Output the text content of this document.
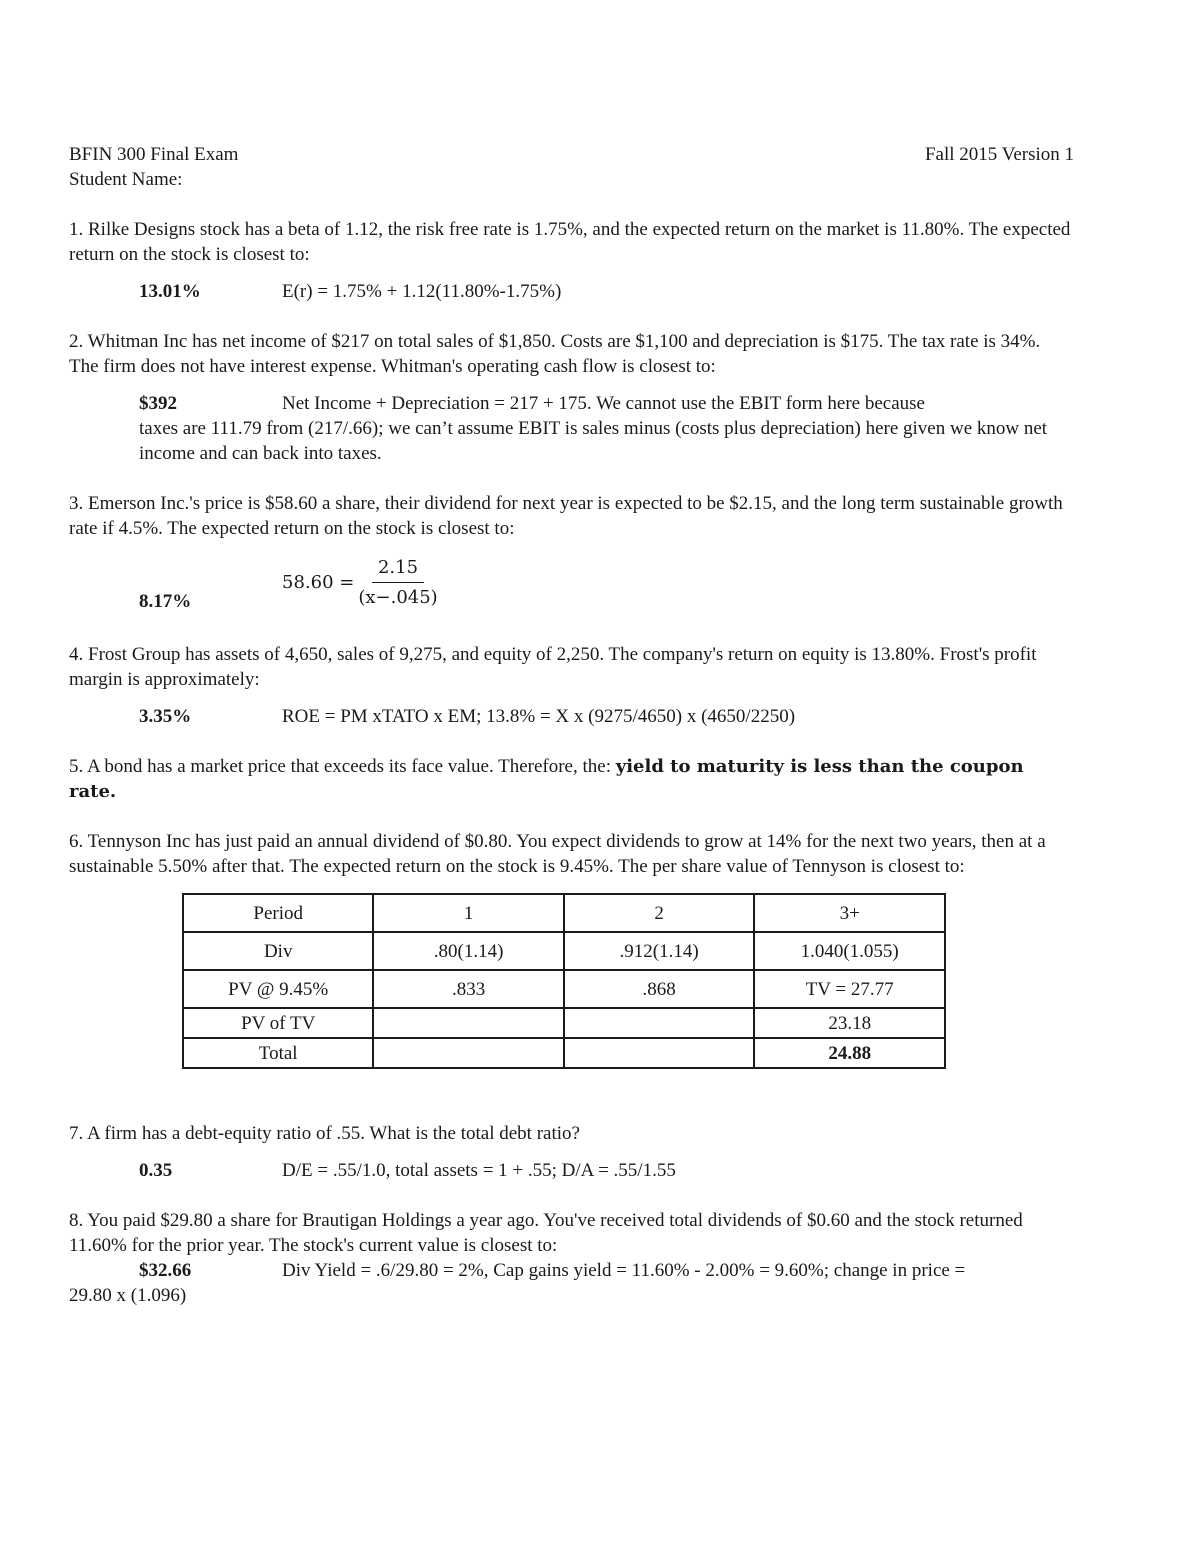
BFIN 300 Final Exam	Fall 2015 Version 1
Student Name:
1. Rilke Designs stock has a beta of 1.12, the risk free rate is 1.75%, and the expected return on the market is 11.80%. The expected return on the stock is closest to:
13.01%	E(r) = 1.75% + 1.12(11.80%-1.75%)
2. Whitman Inc has net income of $217 on total sales of $1,850. Costs are $1,100 and depreciation is $175. The tax rate is 34%. The firm does not have interest expense. Whitman's operating cash flow is closest to:
$392	Net Income + Depreciation = 217 + 175. We cannot use the EBIT form here because
taxes are 111.79 from (217/.66); we can’t assume EBIT is sales minus (costs plus depreciation) here given we know net income and can back into taxes.
3. Emerson Inc.'s price is $58.60 a share, their dividend for next year is expected to be $2.15, and the long term sustainable growth rate if 4.5%. The expected return on the stock is closest to:
8.17%
$58.60 = \frac{2.15}{(x-.045)}$
4. Frost Group has assets of 4,650, sales of 9,275, and equity of 2,250. The company's return on equity is 13.80%. Frost's profit margin is approximately:
3.35%	ROE = PM xTATO x EM; 13.8% = X x (9275/4650) x (4650/2250)
5. A bond has a market price that exceeds its face value. Therefore, the: yield to maturity is less than the coupon rate.
6. Tennyson Inc has just paid an annual dividend of $0.80. You expect dividends to grow at 14% for the next two years, then at a sustainable 5.50% after that. The expected return on the stock is 9.45%. The per share value of Tennyson is closest to:
Period	1	2	3+
Div	.80(1.14)	.912(1.14)	1.040(1.055)
PV @ 9.45%	.833	.868	TV = 27.77
PV of TV			23.18
Total			24.88
7. A firm has a debt-equity ratio of .55. What is the total debt ratio?
0.35	D/E = .55/1.0, total assets = 1 + .55; D/A = .55/1.55
8. You paid $29.80 a share for Brautigan Holdings a year ago. You've received total dividends of $0.60 and the stock returned 11.60% for the prior year. The stock's current value is closest to:
$32.66	Div Yield = .6/29.80 = 2%, Cap gains yield = 11.60% - 2.00% = 9.60%; change in price =
29.80 x (1.096)
